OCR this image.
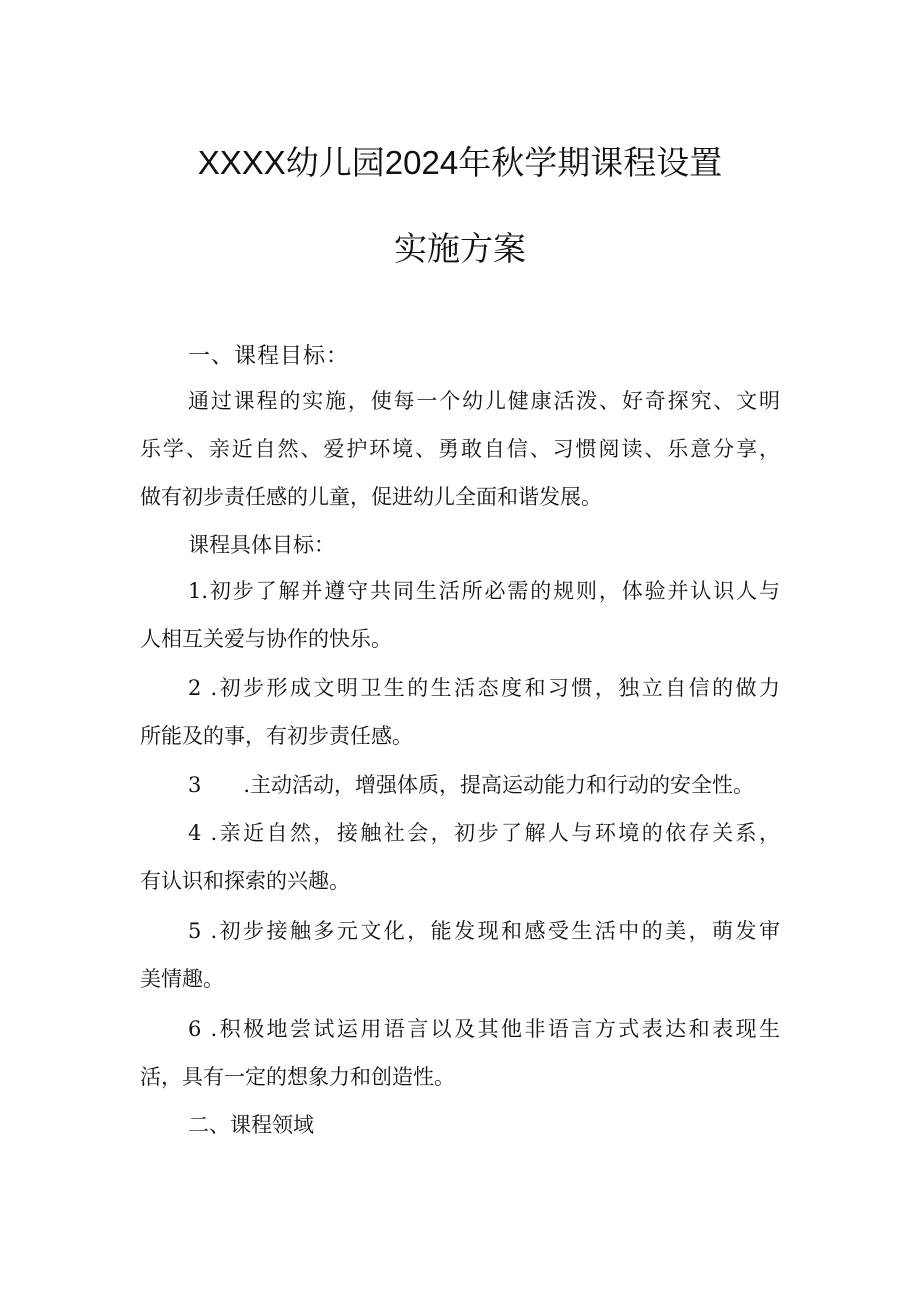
XXXX幼儿园2024年秋学期课程设置
实施方案
一、课程目标：
通过课程的实施，使每一个幼儿健康活泼、好奇探究、文明
乐学、亲近自然、爱护环境、勇敢自信、习惯阅读、乐意分享，
做有初步责任感的儿童，促进幼儿全面和谐发展。
课程具体目标：
1.初步了解并遵守共同生活所必需的规则，体验并认识人与
人相互关爱与协作的快乐。
2 .初步形成文明卫生的生活态度和习惯，独立自信的做力
所能及的事，有初步责任感。
3 .主动活动，增强体质，提高运动能力和行动的安全性。
4 .亲近自然，接触社会，初步了解人与环境的依存关系，
有认识和探索的兴趣。
5 .初步接触多元文化，能发现和感受生活中的美，萌发审
美情趣。
6 .积极地尝试运用语言以及其他非语言方式表达和表现生
活，具有一定的想象力和创造性。
二、课程领域
